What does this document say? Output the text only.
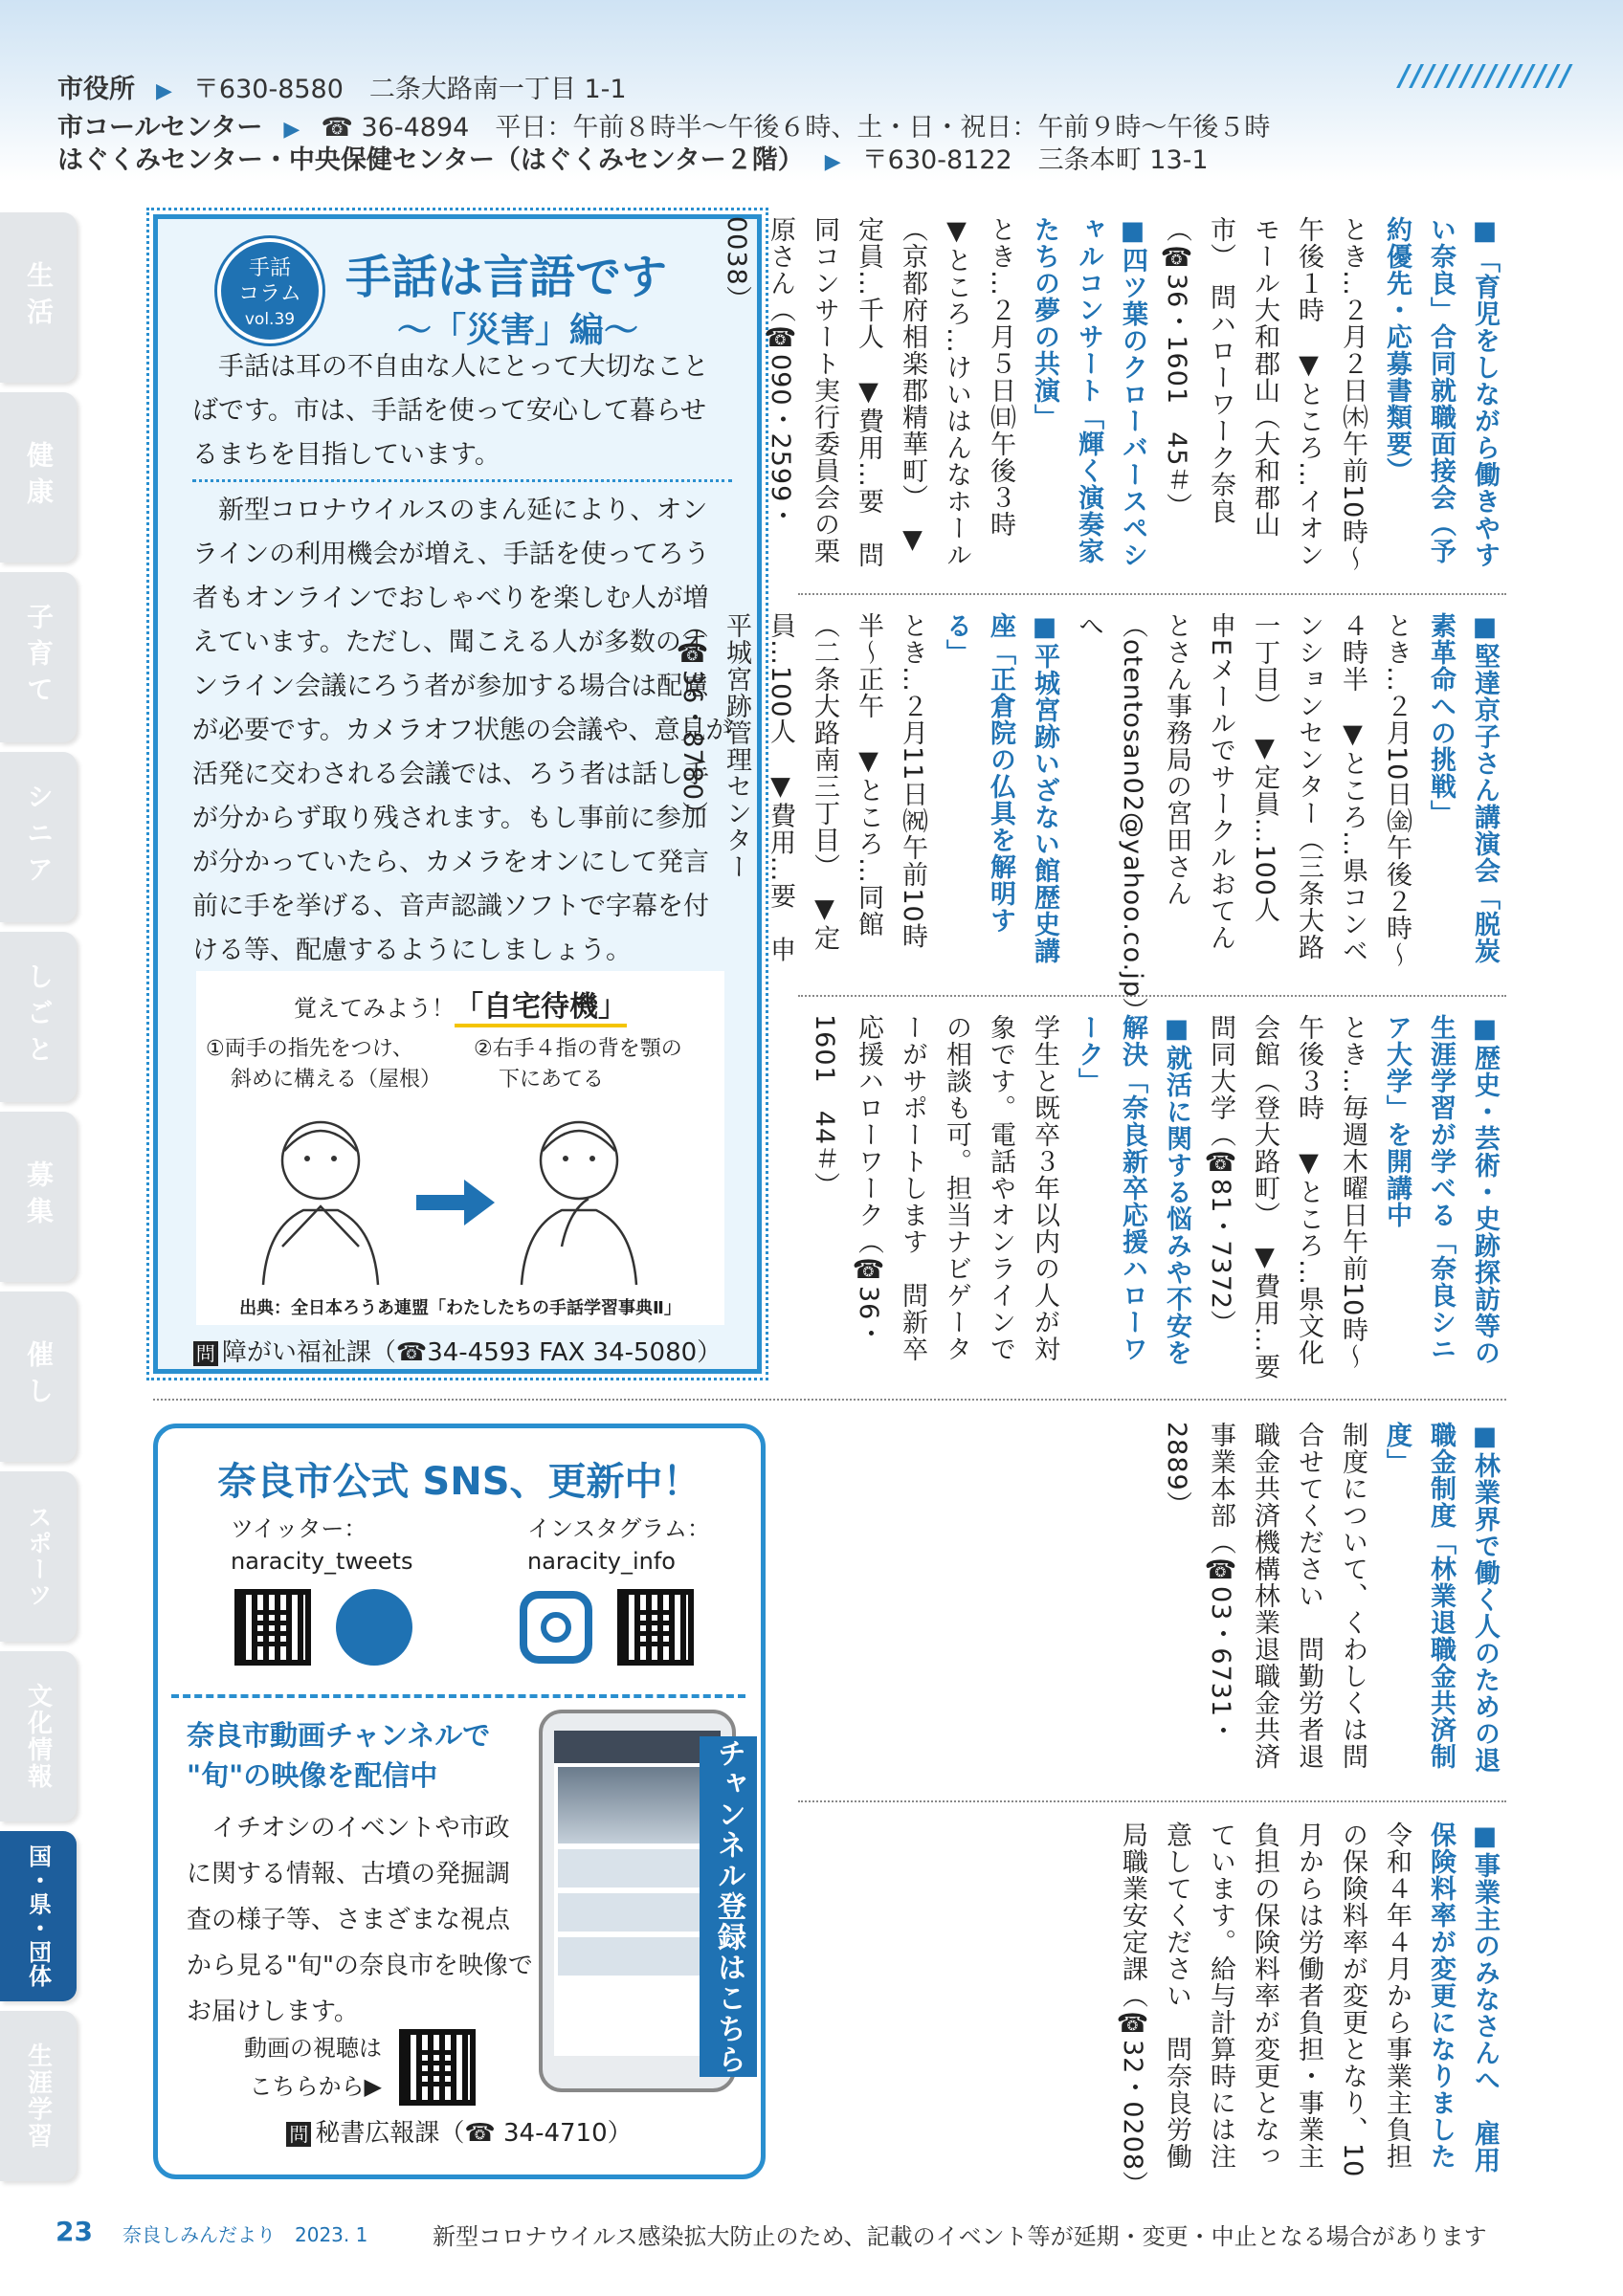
市役所 ▶ 〒630-8580　二条大路南一丁目 1-1
市コールセンター ▶ ☎ 36-4894　平日：午前８時半～午後６時、土・日・祝日：午前９時～午後５時
はぐくみセンター・中央保健センター（はぐくみセンター２階） ▶ 〒630-8122　三条本町 13-1
//////////////
生活
健康
子育て
シニア
しごと
募集
催し
スポーツ
文化情報
国・県・団体
生涯学習
手話
コラム
vol.39
手話は言語です
～「災害」編～

手話は耳の不自由な人にとって大切なことばです。市は、手話を使って安心して暮らせるまちを目指しています。

新型コロナウイルスのまん延により、オンラインの利用機会が増え、手話を使ってろう者もオンラインでおしゃべりを楽しむ人が増えています。ただし、聞こえる人が多数のオンライン会議にろう者が参加する場合は配慮が必要です。カメラオフ状態の会議や、意見が活発に交わされる会議では、ろう者は話し手が分からず取り残されます。もし事前に参加が分かっていたら、カメラをオンにして発言前に手を挙げる、音声認識ソフトで字幕を付ける等、配慮するようにしましょう。

覚えてみよう！「自宅待機」
①両手の指先をつけ、
斜めに構える（屋根）
②右手４指の背を顎の
下にあてる
出典：全日本ろうあ連盟「わたしたちの手話学習事典Ⅱ」
問 障がい福祉課（☎34-4593 FAX 34-5080）
奈良市公式 SNS、更新中！
ツイッター：
naracity_tweets
インスタグラム：
naracity_info
奈良市動画チャンネルで
"旬"の映像を配信中

イチオシのイベントや市政に関する情報、古墳の発掘調査の様子等、さまざまな視点から見る"旬"の奈良市を映像でお届けします。

動画の視聴は
こちらから▶
チャンネル登録はこちら
問 秘書広報課（☎ 34-4710）

■ 「育児をしながら働きやすい奈良」合同就職面接会（予約優先・応募書類要）
とき…２月２日㈭午前10時～午後１時　▼ところ…イオンモール大和郡山（大和郡山市）　問ハローワーク奈良（☎36・1601　45＃）

■ 四ツ葉のクローバースペシャルコンサート「輝く演奏家たちの夢の共演」
とき…２月５日㈰午後３時　▼ところ…けいはんなホール（京都府相楽郡精華町）　▼定員…千人　▼費用…要　問同コンサート実行委員会の栗原さん（☎090・2599・0038）

■ 堅達京子さん講演会「脱炭素革命への挑戦」
とき…２月10日㈮午後２時～４時半　▼ところ…県コンベンションセンター（三条大路一丁目）　▼定員…100人　申Eメールでサークルおてんとさん事務局の宮田さん（otentosan02@yahoo.co.jp）へ

■ 平城宮跡いざない館歴史講座「正倉院の仏具を解明する」
とき…２月11日㈷午前10時半～正午　▼ところ…同館（二条大路南三丁目）　▼定員…100人　▼費用…要　申平城宮跡管理センター（☎36・8780）

■ 歴史・芸術・史跡探訪等の生涯学習が学べる「奈良シニア大学」を開講中
とき…毎週木曜日午前10時～午後３時　▼ところ…県文化会館（登大路町）　▼費用…要　問同大学（☎81・7372）

■ 就活に関する悩みや不安を解決「奈良新卒応援ハローワーク」
学生と既卒３年以内の人が対象です。電話やオンラインでの相談も可。担当ナビゲーターがサポートします　問新卒応援ハローワーク（☎36・1601　44＃）

■ 林業界で働く人のための退職金制度「林業退職金共済制度」
制度について、くわしくは問合せてください　問勤労者退職金共済機構林業退職金共済事業本部（☎03・6731・2889）

■ 事業主のみなさんへ　雇用保険料率が変更になりました
令和４年４月から事業主負担の保険料率が変更となり、10月からは労働者負担・事業主負担の保険料率が変更となっています。給与計算時には注意してください　問奈良労働局職業安定課（☎32・0208）

23 奈良しみんだより　2023. 1	新型コロナウイルス感染拡大防止のため、記載のイベント等が延期・変更・中止となる場合があります
